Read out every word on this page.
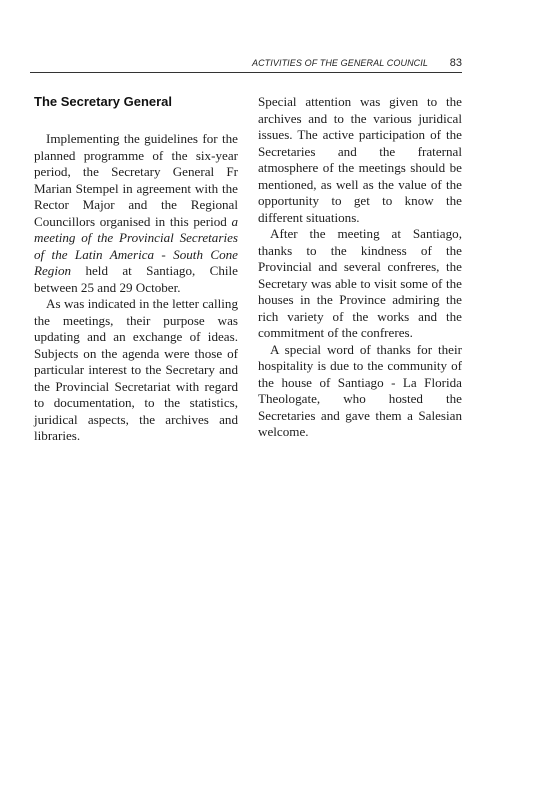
ACTIVITIES OF THE GENERAL COUNCIL 83
The Secretary General

Implementing the guidelines for the planned programme of the six-year period, the Secretary General Fr Marian Stempel in agreement with the Rector Major and the Regional Councillors organised in this period a meeting of the Provincial Secretaries of the Latin America - South Cone Region held at Santiago, Chile between 25 and 29 October.

As was indicated in the letter calling the meetings, their purpose was updating and an exchange of ideas. Subjects on the agenda were those of particular interest to the Secretary and the Provincial Secretariat with regard to documentation, to the statistics, juridical aspects, the archives and libraries.

Special attention was given to the archives and to the various juridical issues. The active participation of the Secretaries and the fraternal atmosphere of the meetings should be mentioned, as well as the value of the opportunity to get to know the different situations.

After the meeting at Santiago, thanks to the kindness of the Provincial and several confreres, the Secretary was able to visit some of the houses in the Province admiring the rich variety of the works and the commitment of the confreres.

A special word of thanks for their hospitality is due to the community of the house of Santiago - La Florida Theologate, who hosted the Secretaries and gave them a Salesian welcome.
